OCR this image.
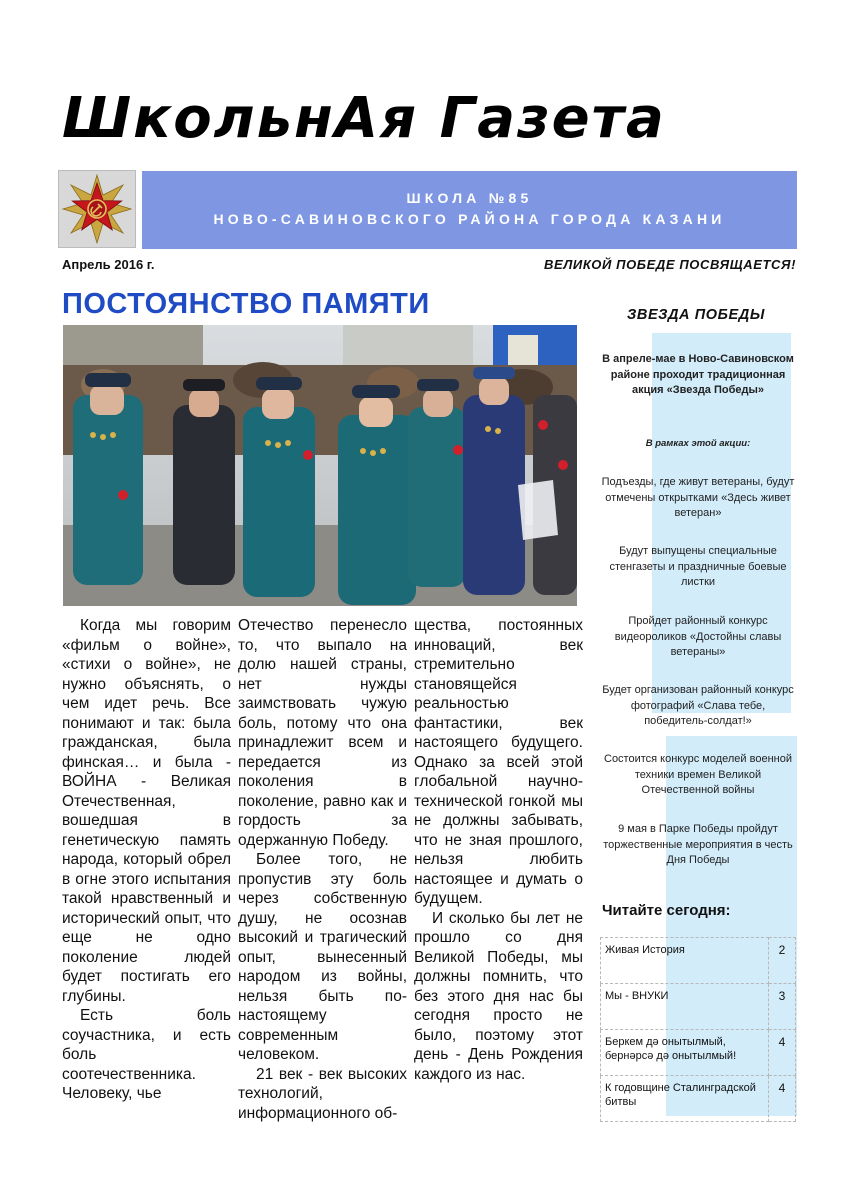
ШкольнАя Газета
ШКОЛА №85
НОВО-САВИНОВСКОГО РАЙОНА ГОРОДА КАЗАНИ
Апрель 2016 г.	ВЕЛИКОЙ ПОБЕДЕ ПОСВЯЩАЕТСЯ!
ПОСТОЯНСТВО ПАМЯТИ

Когда мы говорим «фильм о войне», «стихи о войне», не нужно объяснять, о чем идет речь. Все понимают и так: была гражданская, была финская… и была - ВОЙНА - Великая Отечественная, вошедшая в генетическую память народа, который обрел в огне этого испытания такой нравственный и исторический опыт, что еще не одно поколение людей будет постигать его глубины.

Есть боль соучастника, и есть боль соотечественника. Человеку, чье

Отечество перенесло то, что выпало на долю нашей страны, нет нужды заимствовать чужую боль, потому что она принадлежит всем и передается из поколения в поколение, равно как и гордость за одержанную Победу.

Более того, не пропустив эту боль через собственную душу, не осознав высокий и трагический опыт, вынесенный народом из войны, нельзя быть по-настоящему современным человеком.

21 век - век высоких технологий, информационного об-

щества, постоянных инноваций, век стремительно становящейся реальностью фантастики, век настоящего будущего. Однако за всей этой глобальной научно-технической гонкой мы не должны забывать, что не зная прошлого, нельзя любить настоящее и думать о будущем.

И сколько бы лет не прошло со дня Великой Победы, мы должны помнить, что без этого дня нас бы сегодня просто не было, поэтому этот день - День Рождения каждого из нас.

ЗВЕЗДА ПОБЕДЫ
В апреле-мае в Ново-Савиновском районе проходит традиционная акция «Звезда Победы»
В рамках этой акции:
Подъезды, где живут ветераны, будут отмечены открытками «Здесь живет ветеран»
Будут выпущены специальные стенгазеты и праздничные боевые листки
Пройдет районный конкурс видеороликов «Достойны славы ветераны»
Будет организован районный конкурс фотографий «Слава тебе, победитель-солдат!»
Состоится конкурс моделей военной техники времен Великой Отечественной войны
9 мая в Парке Победы пройдут торжественные мероприятия в честь Дня Победы
Читайте сегодня:
Живая История	2
Мы - ВНУКИ	3
Беркем дә онытылмый, бернәрсә дә онытылмый!	4
К годовщине Сталинградской битвы	4
